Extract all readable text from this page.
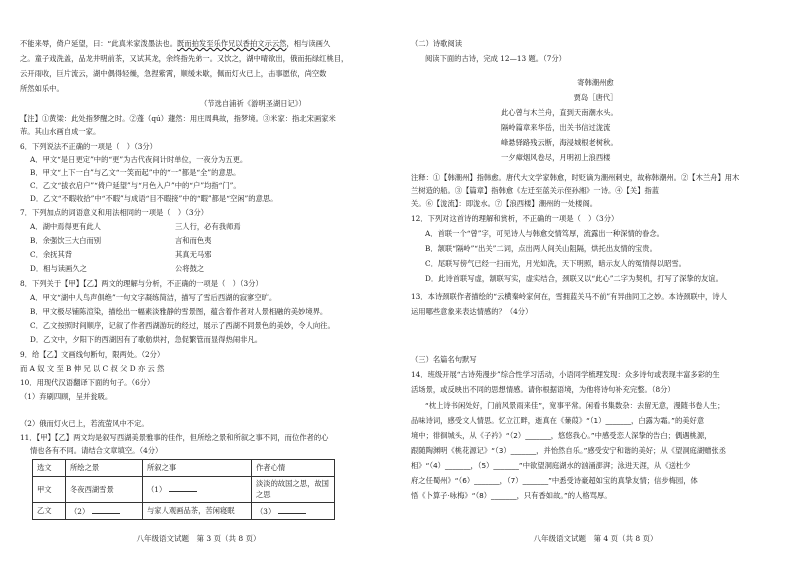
不能来辱，倚户延望，曰：“此真米家泼墨法也。既而拍发至乐作兄以香拍文示云然，相与读画久
之。童子戏洗盖，品龙井明前茶，又试其龙，余终指先弟一。又饮之，湖中晴欲出，俄而拓绿红桃目，
云开雨收，巨片流云，湖中偶得轻燥，急捏紫霄，顺缓未歇，佩而灯火已上，击事愿依，尚空数
所然如乐中。
（节选自浦祈《游明圣湖日记》）
【注】①黄梁：此处指梦醒之时。②蓬（qú）蘧然：用庄周典故，指梦境。③米家：指北宋画家米
芾。其山水画自成一家。
6．下列说法不正确的一项是（　）（3分）
A．甲文“是日更定”中的“更”为古代夜间计时单位，一夜分为五更。
B．甲文“上下一白”与乙文“一笑而起”中的“一”都是“全”的意思。
C．乙文“拔衣启户”“倚户延望”与“月色入户”中的“户”均指“门”。
D．乙文“不暇收拾”中“不暇”与成语“目不暇接”中的“暇”都是“空闲”的意思。
7．下列加点的词语意义和用法相同的一项是（　）（3分）
A．湖中焉得更有此人	三人行，必有我师焉
B．余强饮三大白而别	言和而色夷
C．余抚其背	其真无马邪
D．相与读画久之	公将鼓之
8．下列关于【甲】【乙】两文的理解与分析，不正确的一项是（　）（3分）
A．甲文“湖中人鸟声俱绝”一句文字凝练简洁，描写了雪后西湖的寂寥空旷。
B．甲文极尽铺陈渲染，描绘出一幅素淡雅静的雪景图，蕴含着作者对人景相融的美妙境界。
C．乙文按照时间顺序，记叙了作者西湖游玩的经过，展示了西湖不同景色的美妙，令人向往。
D．乙文中，夕阳下的西湖因有了歌舫烘衬，急促繁管而显得热闹非凡。
9．给【乙】文画线句断句，限两处。（2分）
而 A 奴 文 至 B 伸 兄 以 C 叔 父 D 亦 云 然
10．用现代汉语翻译下面的句子。（6分）
（1）弃刷四顾，呈并瓮吸。
（2）俄而灯火已上，若流萤风中不定。
11．【甲】【乙】两文均是叙写西湖美景雅事的佳作，但所绘之景和所叙之事不同，而位作者的心
情也各有不同。请结合文章填空。（4分）
选文	所绘之景	所叙之事	作者心情
甲文	冬夜西湖雪景	（1）	淡淡的故国之思，故国之思
乙文	（2）	与家人观画品茶，苦闲寝眠	（3）
八年级语文试题　第 3 页（共 8 页）
（二）诗歌阅读
阅读下面的古诗，完成 12—13 题。（7分）
寄韩潮州愈
贾岛［唐代］
此心曾与木兰舟，直到天南潮水头。
隔岭篇章来华岳，出关书信过泷流
峰悬驿路残云断，海浸城根老树秋。
一夕瘴烟风卷尽，月明初上浪西楼
注释：①【韩潮州】指韩愈。唐代大文学家韩愈，时贬谪为潮州刺史，故称韩潮州。②【木兰舟】用木
兰树造的船。③【篇章】指韩愈《左迁至蓝关示侄孙湘》一诗。④【关】指蓝
关。⑥【泷流】：即泷水。⑦【浪西楼】潮州的一处楼阁。
12．下列对这首诗的理解和赏析，不正确的一项是（　）（3分）
A．首联一个“曾”字，可见诗人与韩愈交情笃厚，流露出一种深情的眷念。
B．颔联“隔岭”“出关”二词，点出两人间关山阻隔，烘托出友情的宝贵。
C．尾联写傍气已经一扫而光，月光如洗，天下明照，暗示友人的冤情得以昭雪。
D．此诗首联写虚，颔联写实，虚实结合，颈联又以“此心”二字为契机，打写了深挚的友谊。
13．本诗颈联作者描绘的“云横秦岭家何在，雪拥蓝关马不前”有异曲同工之妙。本诗颈联中，诗人
运用哪些意象来表达情感的？（4分）
（三）名篇名句默写
14．班级开展“古诗苑漫步”综合性学习活动，小语同学梳理发现：众多诗句或表现丰富多彩的生
活场景，或反映出不同的思想情感。请你根据语境，为他将诗句补充完整。（8分）
“枕上诗书闲处好，门前风景雨来佳”，宽事平常。闲看书集数杂：去留无意，漫随书卷人生；
品味诗词，感受文人情思。忆立江畔，逝真在《蒹葭》“（1）_______，白露为霜。”的美好意
境中；徘徊城头，从《子衿》“（2）_______，悠悠我心。”中感受恋人深挚的告白；偶遇桃源，
跟随陶渊明《桃花源记》“（3）_______，并怡然自乐。”感受安宁和谐的美好；从《望洞庭湖赠张丞
相》“（4）_______，（5）_______”中欲望洞庭湖水的汹涌澎湃；泳进天涯，从《送杜少
府之任蜀州》“（6）_______，（7）_______”中悉受诗豪超如宝的真挚友情；信步梅园，体
悟《卜算子·咏梅》“（8）_______，只有香如故。”的人格骂厚。
八年级语文试题　第 4 页（共 8 页）
